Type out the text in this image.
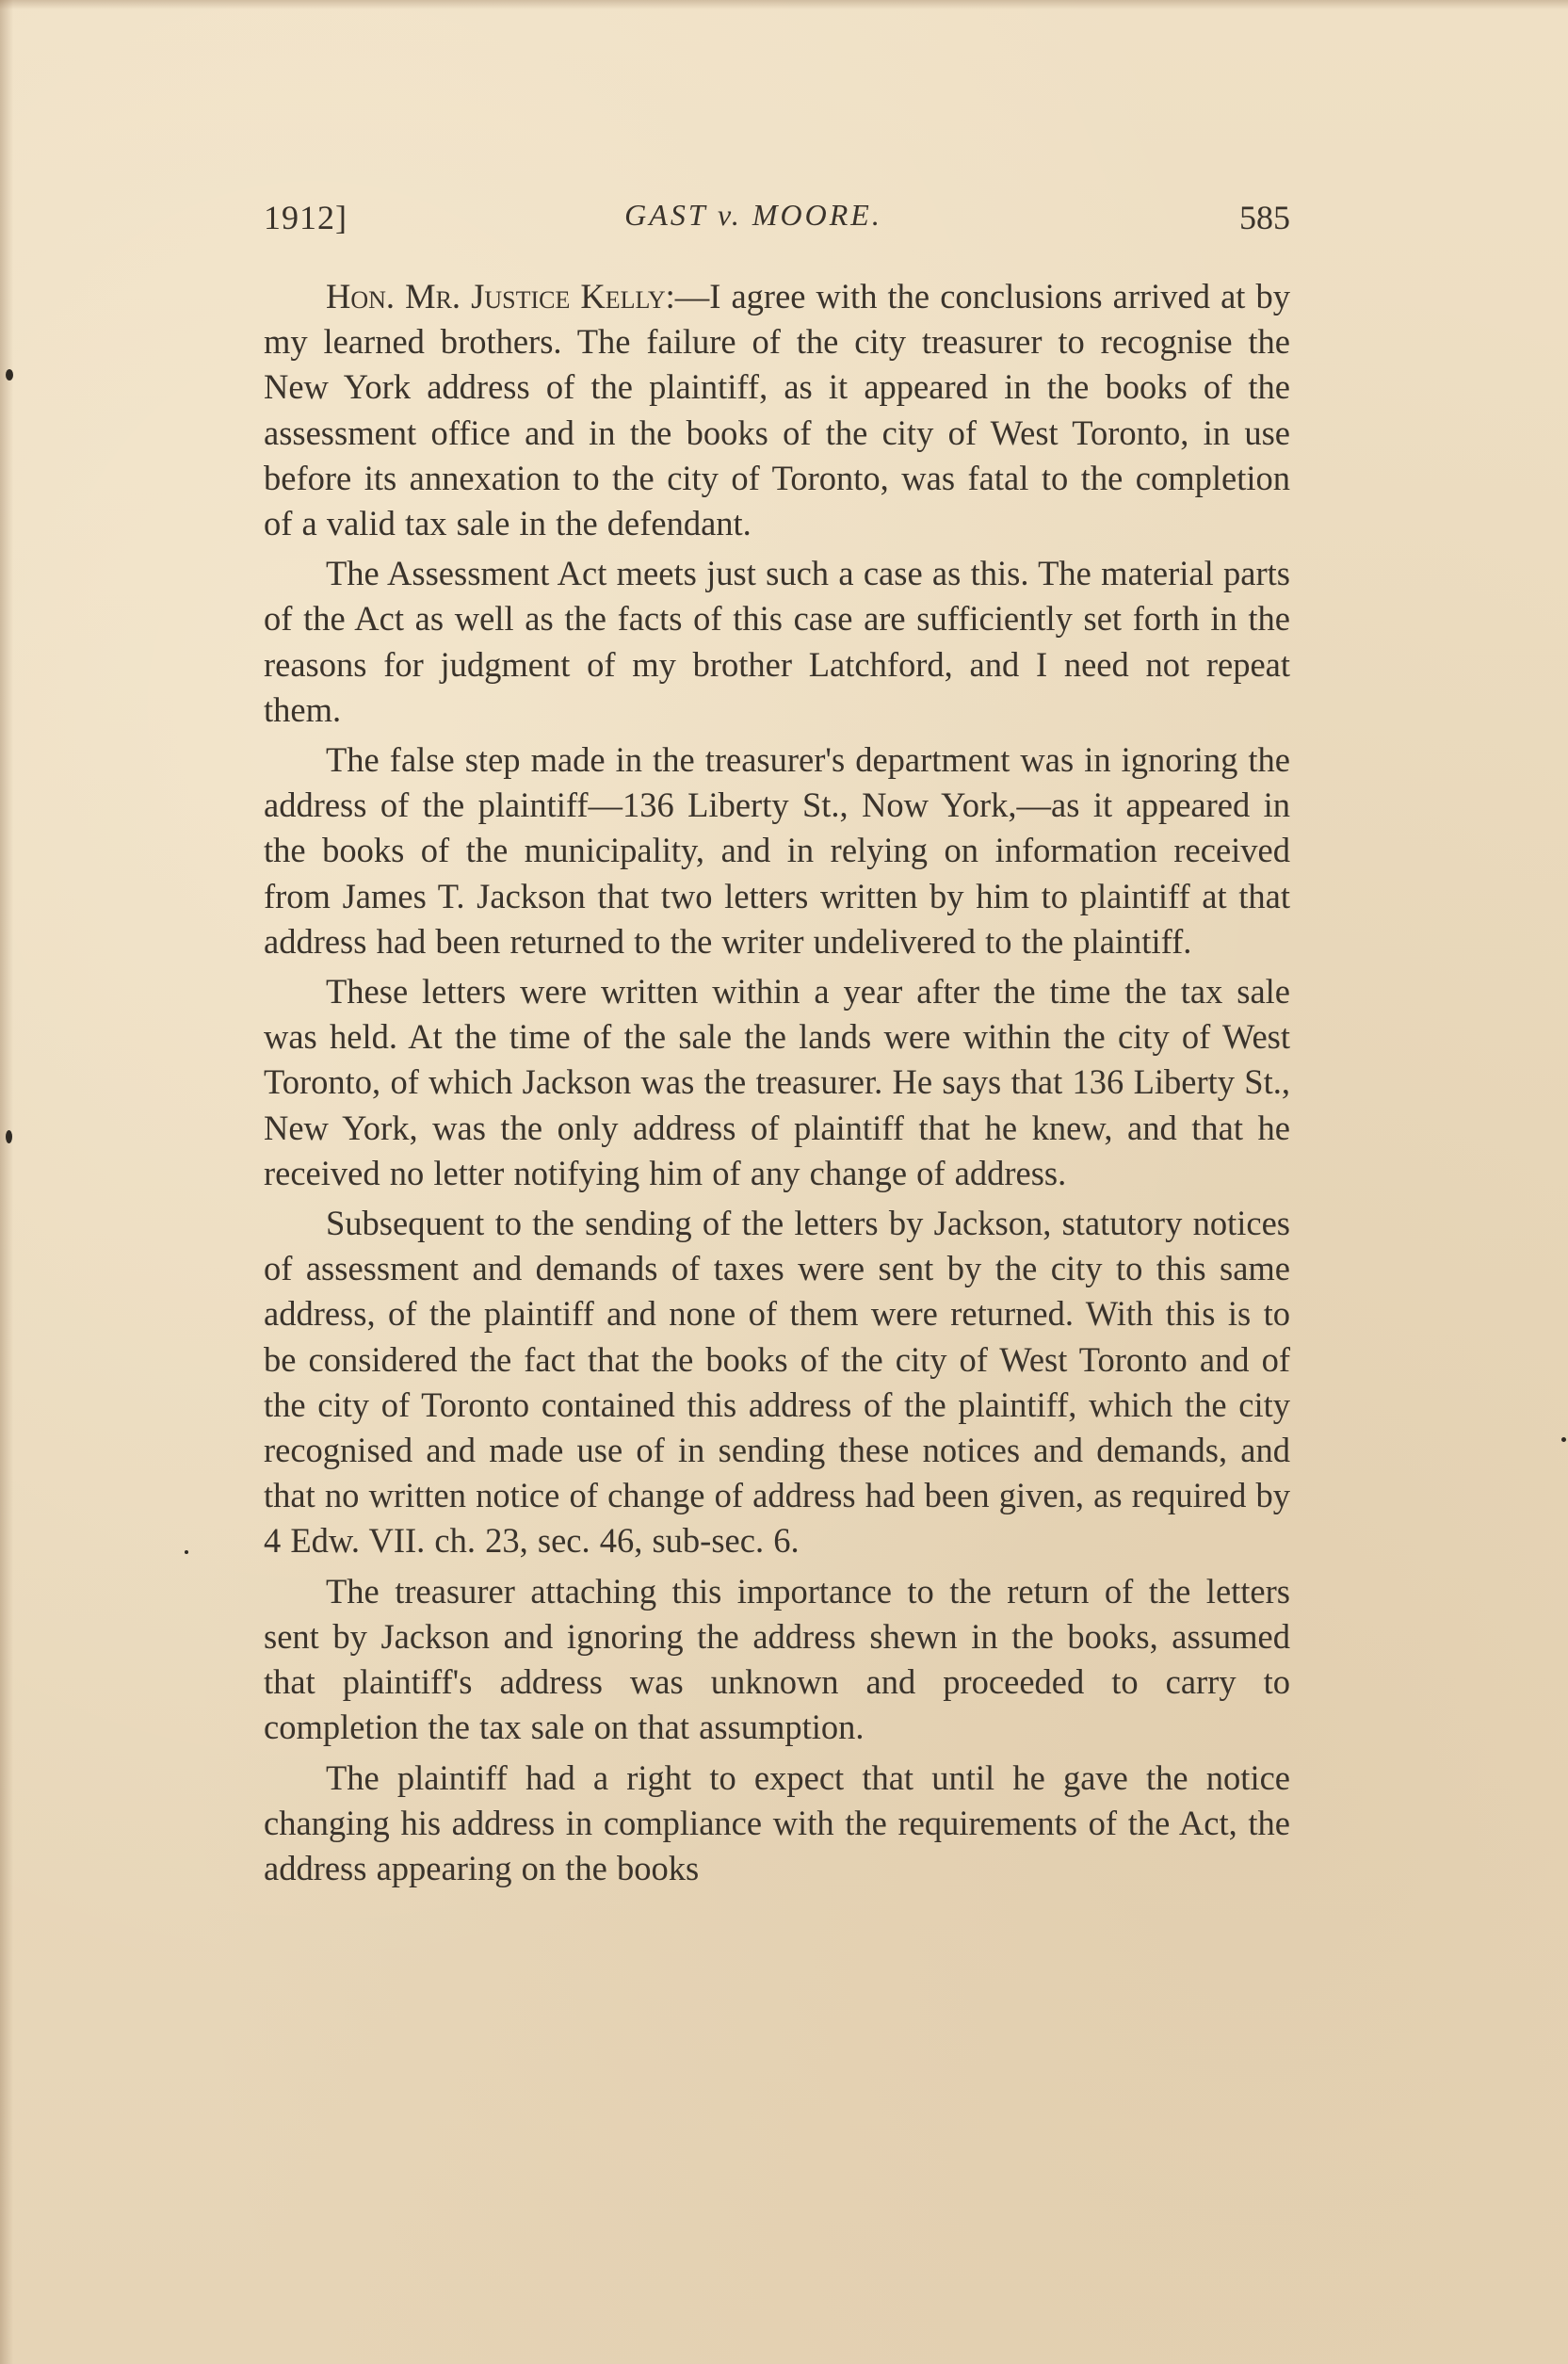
1912]	GAST v. MOORE.	585

Hon. Mr. Justice Kelly:—I agree with the conclusions arrived at by my learned brothers. The failure of the city treasurer to recognise the New York address of the plaintiff, as it appeared in the books of the assessment office and in the books of the city of West Toronto, in use before its annexation to the city of Toronto, was fatal to the completion of a valid tax sale in the defendant.

The Assessment Act meets just such a case as this. The material parts of the Act as well as the facts of this case are sufficiently set forth in the reasons for judgment of my brother Latchford, and I need not repeat them.

The false step made in the treasurer's department was in ignoring the address of the plaintiff—136 Liberty St., Now York,—as it appeared in the books of the municipality, and in relying on information received from James T. Jackson that two letters written by him to plaintiff at that address had been returned to the writer undelivered to the plaintiff.

These letters were written within a year after the time the tax sale was held. At the time of the sale the lands were within the city of West Toronto, of which Jackson was the treasurer. He says that 136 Liberty St., New York, was the only address of plaintiff that he knew, and that he received no letter notifying him of any change of address.

Subsequent to the sending of the letters by Jackson, statutory notices of assessment and demands of taxes were sent by the city to this same address, of the plaintiff and none of them were returned. With this is to be considered the fact that the books of the city of West Toronto and of the city of Toronto contained this address of the plaintiff, which the city recognised and made use of in sending these notices and demands, and that no written notice of change of address had been given, as required by 4 Edw. VII. ch. 23, sec. 46, sub-sec. 6.

The treasurer attaching this importance to the return of the letters sent by Jackson and ignoring the address shewn in the books, assumed that plaintiff's address was unknown and proceeded to carry to completion the tax sale on that assumption.

The plaintiff had a right to expect that until he gave the notice changing his address in compliance with the requirements of the Act, the address appearing on the books
